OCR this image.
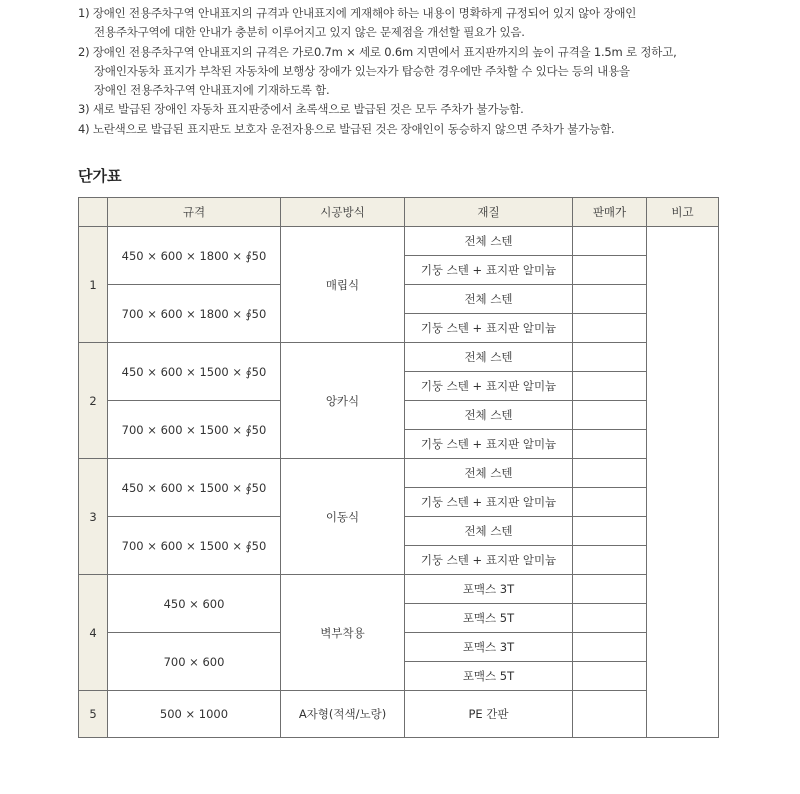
1) 장애인 전용주차구역 안내표지의 규격과 안내표지에 게재해야 하는 내용이 명확하게 규정되어 있지 않아 장애인
전용주차구역에 대한 안내가 충분히 이루어지고 있지 않은 문제점을 개선할 필요가 있음.
2) 장애인 전용주차구역 안내표지의 규격은 가로0.7m × 세로 0.6m 지면에서 표지판까지의 높이 규격을 1.5m 로 정하고,
장애인자동차 표지가 부착된 자동차에 보행상 장애가 있는자가 탑승한 경우에만 주차할 수 있다는 등의 내용을
장애인 전용주차구역 안내표지에 기재하도록 함.
3) 새로 발급된 장애인 자동차 표지판중에서 초록색으로 발급된 것은 모두 주차가 불가능함.
4) 노란색으로 발급된 표지판도 보호자 운전자용으로 발급된 것은 장애인이 동승하지 않으면 주차가 불가능함.
단가표
	규격	시공방식	재질	판매가	비고
1	450 × 600 × 1800 × ∮50	매립식	전체 스텐		
			기둥 스텐 + 표지판 알미늄		
	700 × 600 × 1800 × ∮50		전체 스텐		
			기둥 스텐 + 표지판 알미늄		
2	450 × 600 × 1500 × ∮50	앙카식	전체 스텐		
			기둥 스텐 + 표지판 알미늄		
	700 × 600 × 1500 × ∮50		전체 스텐		
			기둥 스텐 + 표지판 알미늄		
3	450 × 600 × 1500 × ∮50	이동식	전체 스텐		
			기둥 스텐 + 표지판 알미늄		
	700 × 600 × 1500 × ∮50		전체 스텐		
			기둥 스텐 + 표지판 알미늄		
4	450 × 600	벽부착용	포맥스 3T		
			포맥스 5T		
	700 × 600		포맥스 3T		
			포맥스 5T		
5	500 × 1000	A자형(적색/노랑)	PE 간판		
